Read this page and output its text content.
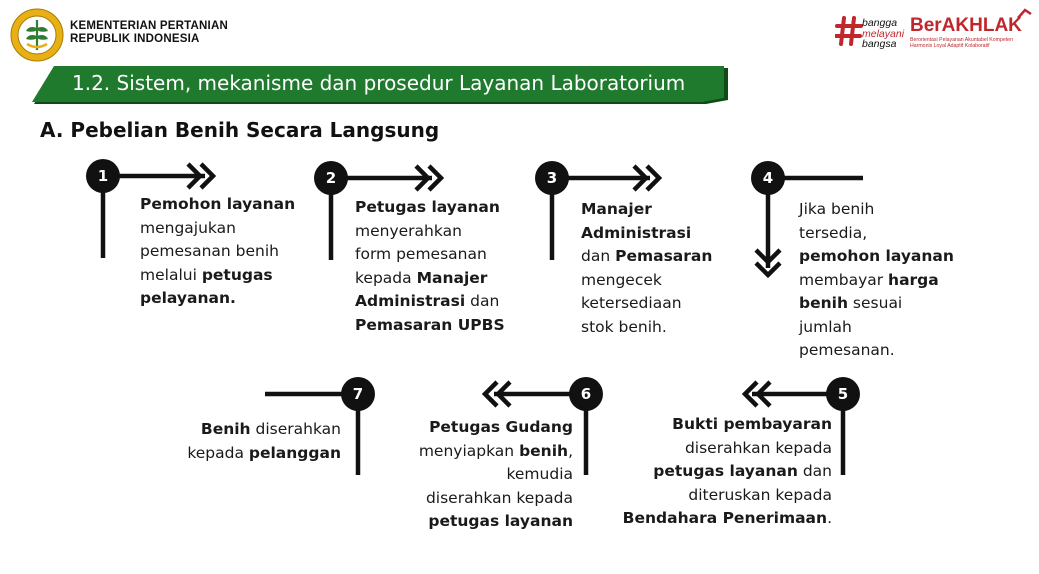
KEMENTERIAN PERTANIAN
REPUBLIK INDONESIA
bangga
melayani
bangsa
BerAKHLAK
Berorientasi Pelayanan Akuntabel Kompeten
Harmonis Loyal Adaptif Kolaboratif
1.2. Sistem, mekanisme dan prosedur Layanan Laboratorium
A. Pebelian Benih Secara Langsung
1	2	3	4
5
6
7
Pemohon layanan
mengajukan
pemesanan benih
melalui petugas
pelayanan.
Petugas layanan
menyerahkan
form pemesanan
kepada Manajer
Administrasi dan
Pemasaran UPBS
Manajer
Administrasi
dan Pemasaran
mengecek
ketersediaan
stok benih.
Jika benih
tersedia,
pemohon layanan
membayar harga
benih sesuai
jumlah
pemesanan.
Bukti pembayaran
diserahkan kepada
petugas layanan dan
diteruskan kepada
Bendahara Penerimaan.
Petugas Gudang
menyiapkan benih,
kemudia
diserahkan kepada
petugas layanan
Benih diserahkan
kepada pelanggan
